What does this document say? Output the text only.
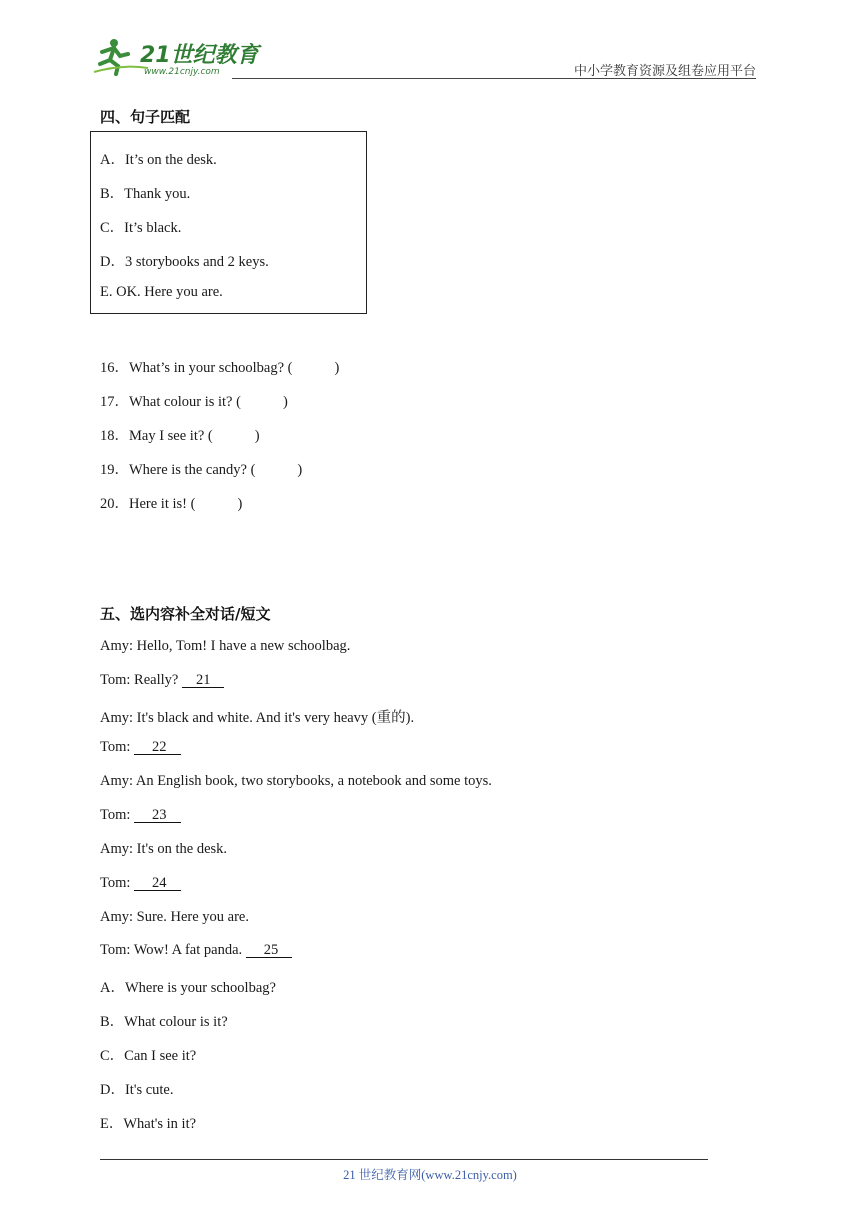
21世纪教育
www.21cnjy.com	中小学教育资源及组卷应用平台
四、句子匹配
A．It’s on the desk.
B．Thank you.
C．It’s black.
D．3 storybooks and 2 keys.
E. OK. Here you are.
16．What’s in your schoolbag? (	)
17．What colour is it? (	)
18．May I see it? (	)
19．Where is the candy? (	)
20．Here it is! (	)
五、选内容补全对话/短文
Amy: Hello, Tom! I have a new schoolbag.
Tom: Really? 21
Amy: It's black and white. And it's very heavy (重的).
Tom: 22
Amy: An English book, two storybooks, a notebook and some toys.
Tom: 23
Amy: It's on the desk.
Tom: 24
Amy: Sure. Here you are.
Tom: Wow! A fat panda. 25
A．Where is your schoolbag?
B．What colour is it?
C．Can I see it?
D．It's cute.
E．What's in it?
21 世纪教育网(www.21cnjy.com)
